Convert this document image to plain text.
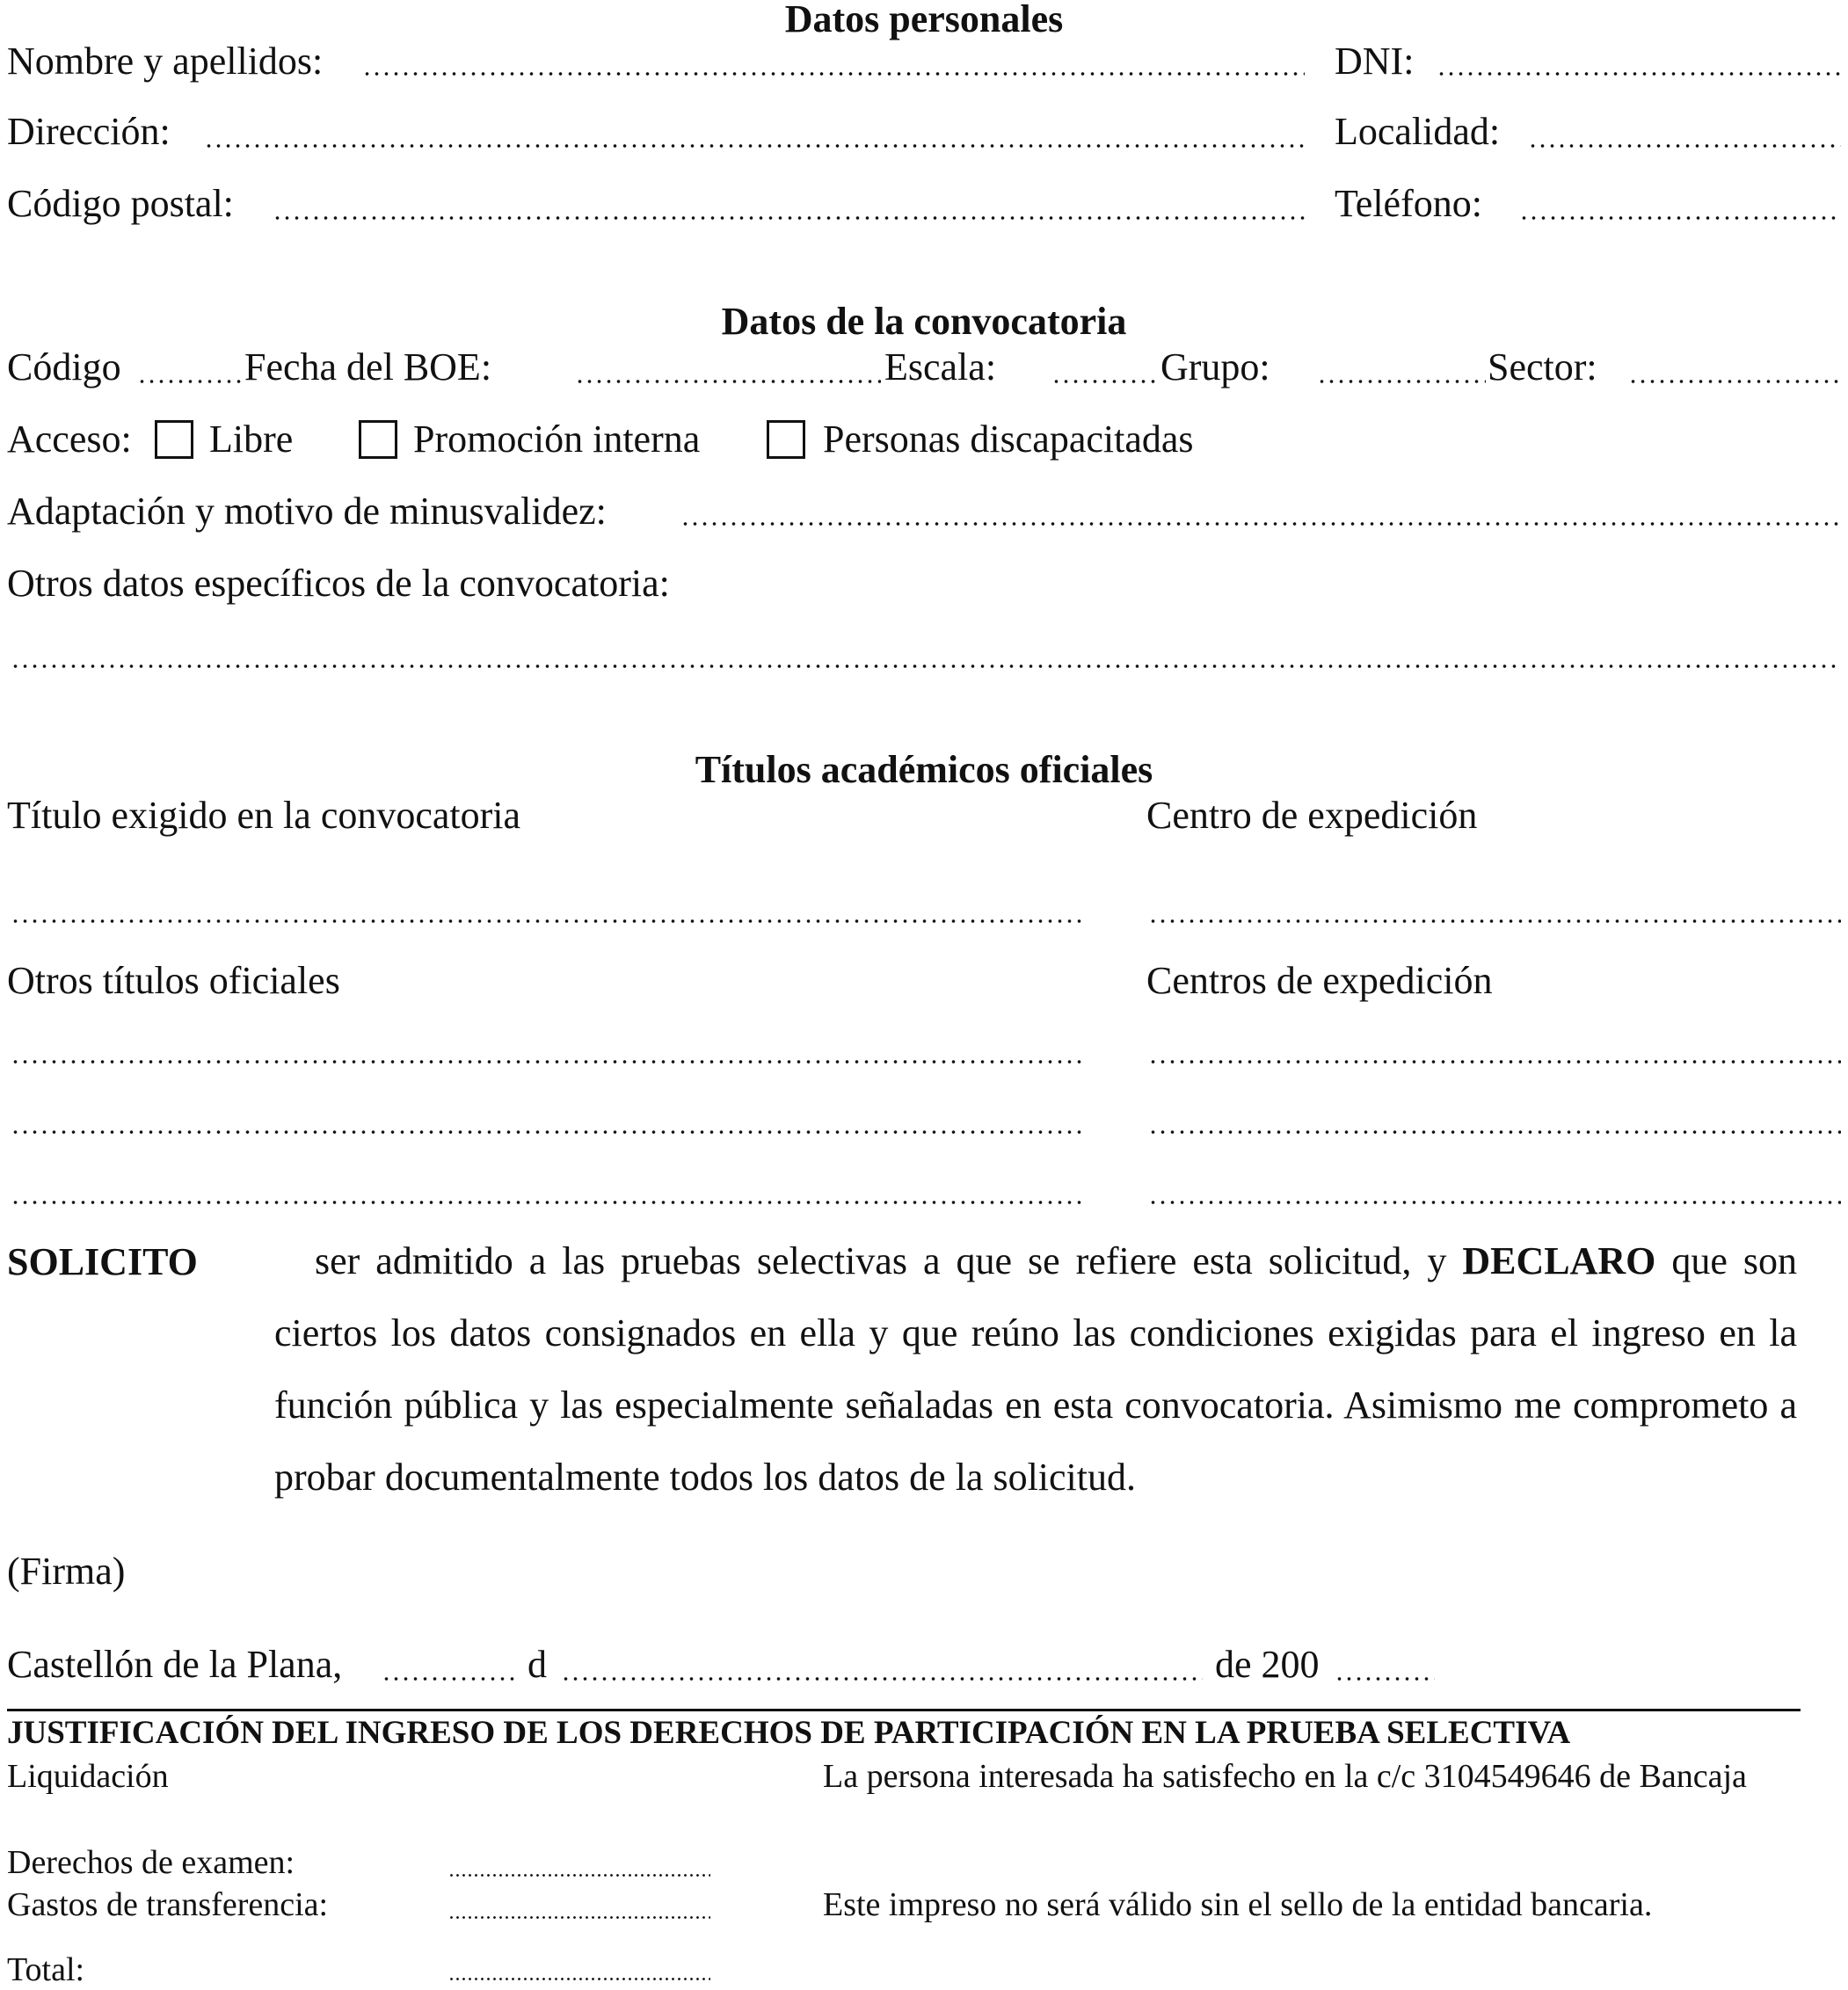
Datos personales
Nombre y apellidos:	DNI:
Dirección:	Localidad:
Código postal:	Teléfono:
Datos de la convocatoria
Código	Fecha del BOE:	Escala:	Grupo:	Sector:
Acceso: Libre	Promoción interna	Personas discapacitadas
Adaptación y motivo de minusvalidez:
Otros datos específicos de la convocatoria:
Títulos académicos oficiales
Título exigido en la convocatoria	Centro de expedición
Otros títulos oficiales	Centros de expedición
SOLICITO	ser admitido a las pruebas selectivas a que se refiere esta solicitud, y DECLARO que son ciertos los datos consignados en ella y que reúno las condiciones exigidas para el ingreso en la función pública y las especialmente señaladas en esta convocatoria. Asimismo me comprometo a probar documentalmente todos los datos de la solicitud.
(Firma)
Castellón de la Plana,	d	de 200
JUSTIFICACIÓN DEL INGRESO DE LOS DERECHOS DE PARTICIPACIÓN EN LA PRUEBA SELECTIVA
Liquidación	La persona interesada ha satisfecho en la c/c 3104549646 de Bancaja
Derechos de examen:
Gastos de transferencia:	Este impreso no será válido sin el sello de la entidad bancaria.
Total:
